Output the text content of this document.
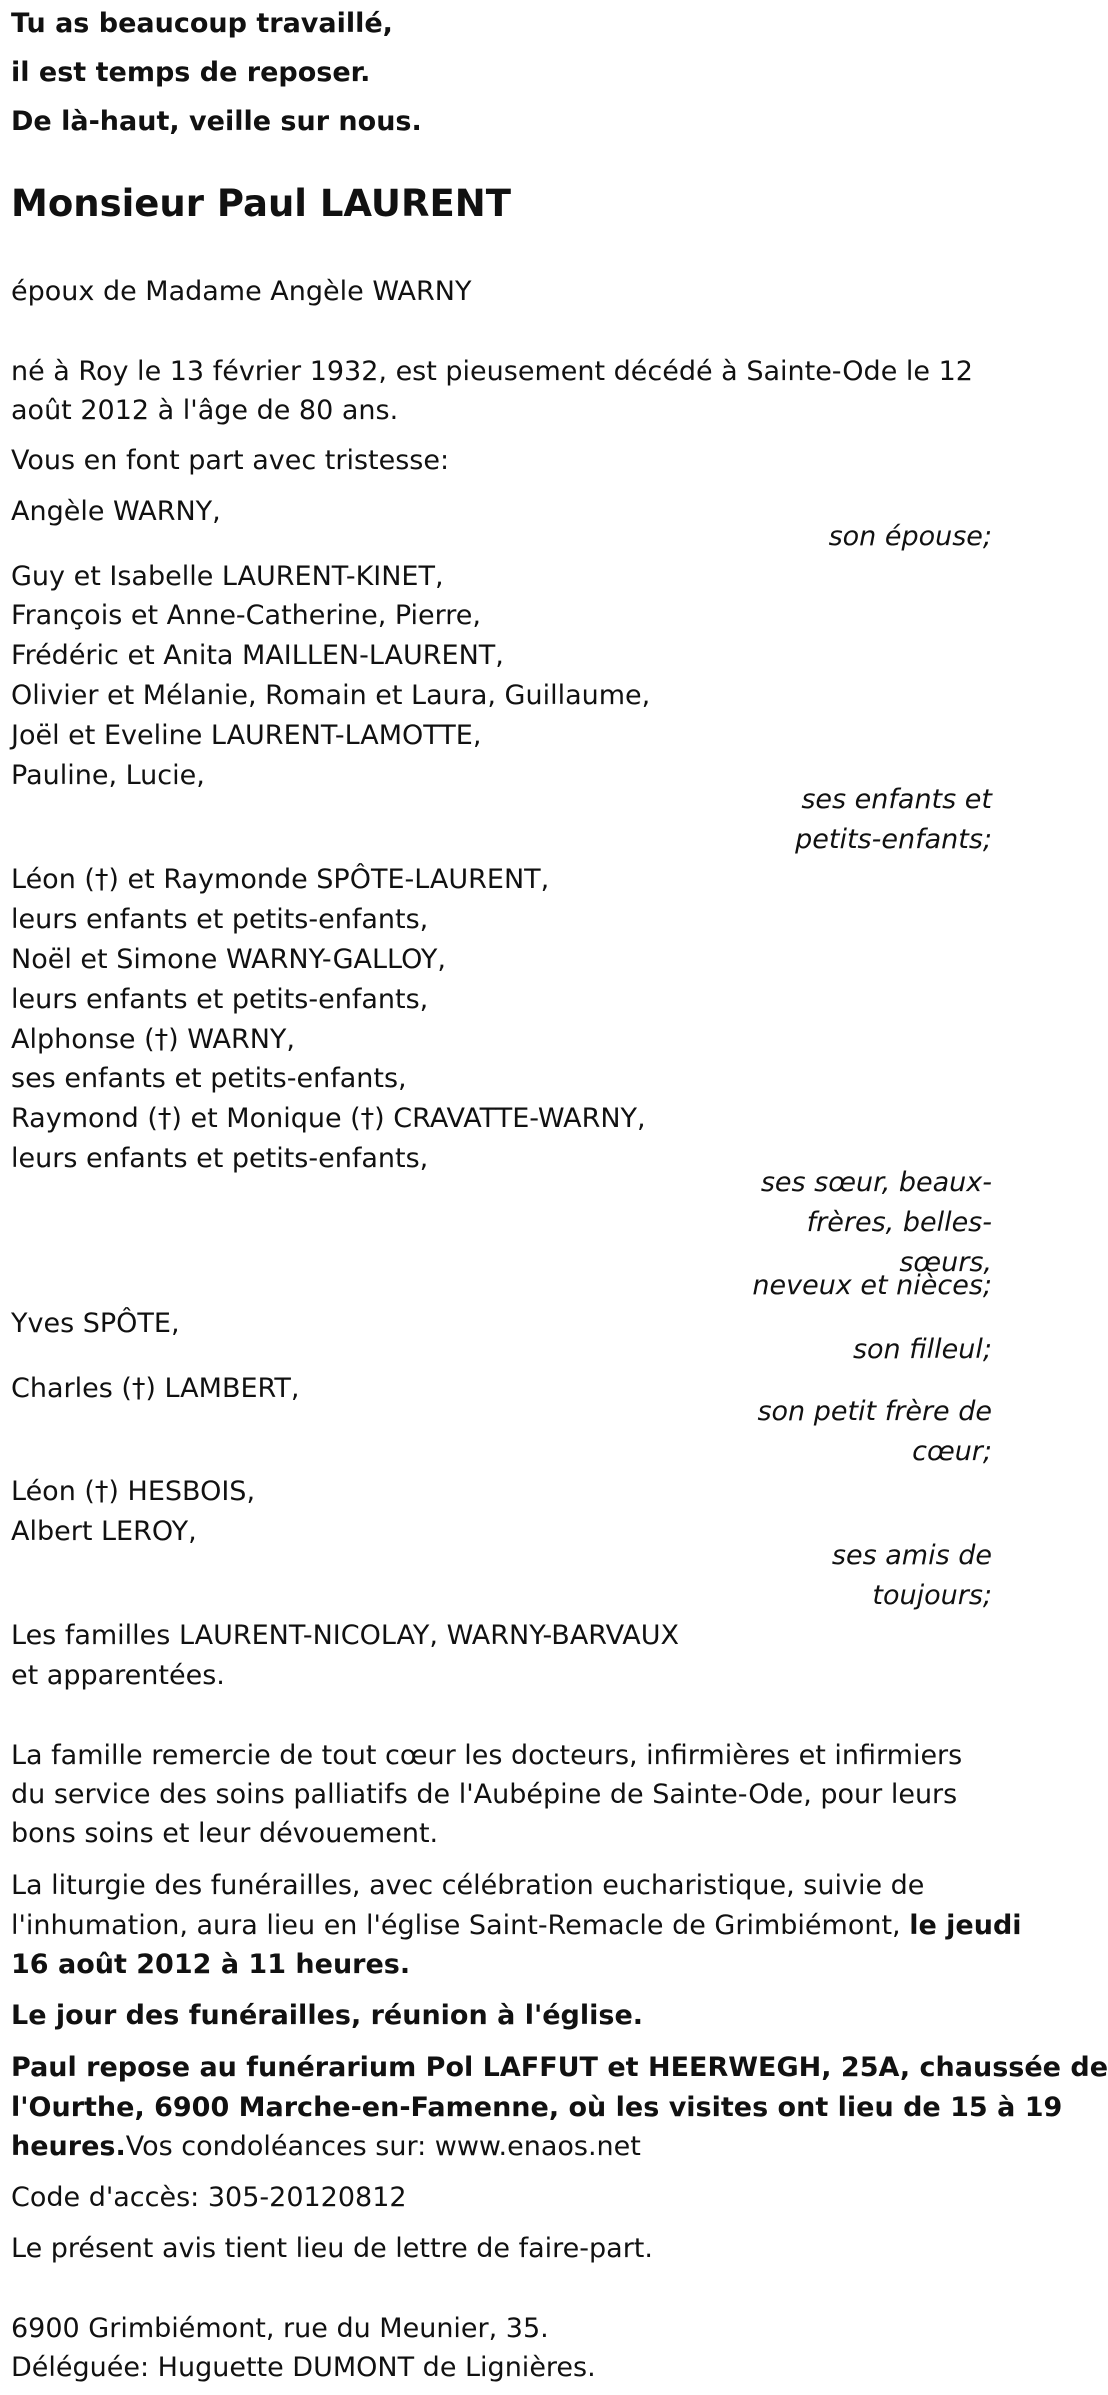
Tu as beaucoup travaillé,
il est temps de reposer.
De là-haut, veille sur nous.
Monsieur Paul LAURENT
époux de Madame Angèle WARNY
né à Roy le 13 février 1932, est pieusement décédé à Sainte-Ode le 12
août 2012 à l'âge de 80 ans.
Vous en font part avec tristesse:
Angèle WARNY,
son épouse;
Guy et Isabelle LAURENT-KINET,
François et Anne-Catherine, Pierre,
Frédéric et Anita MAILLEN-LAURENT,
Olivier et Mélanie, Romain et Laura, Guillaume,
Joël et Eveline LAURENT-LAMOTTE,
Pauline, Lucie,
ses enfants et
petits-enfants;
Léon (†) et Raymonde SPÔTE-LAURENT,
leurs enfants et petits-enfants,
Noël et Simone WARNY-GALLOY,
leurs enfants et petits-enfants,
Alphonse (†) WARNY,
ses enfants et petits-enfants,
Raymond (†) et Monique (†) CRAVATTE-WARNY,
leurs enfants et petits-enfants,
ses sœur, beaux-
frères, belles-
sœurs,
neveux et nièces;
Yves SPÔTE,
son filleul;
Charles (†) LAMBERT,
son petit frère de
cœur;
Léon (†) HESBOIS,
Albert LEROY,
ses amis de
toujours;
Les familles LAURENT-NICOLAY, WARNY-BARVAUX
et apparentées.
La famille remercie de tout cœur les docteurs, infirmières et infirmiers
du service des soins palliatifs de l'Aubépine de Sainte-Ode, pour leurs
bons soins et leur dévouement.
La liturgie des funérailles, avec célébration eucharistique, suivie de
l'inhumation, aura lieu en l'église Saint-Remacle de Grimbiémont, le jeudi
16 août 2012 à 11 heures.
Le jour des funérailles, réunion à l'église.
Paul repose au funérarium Pol LAFFUT et HEERWEGH, 25A, chaussée de
l'Ourthe, 6900 Marche-en-Famenne, où les visites ont lieu de 15 à 19
heures.Vos condoléances sur: www.enaos.net
Code d'accès: 305-20120812
Le présent avis tient lieu de lettre de faire-part.
6900 Grimbiémont, rue du Meunier, 35.
Déléguée: Huguette DUMONT de Lignières.
